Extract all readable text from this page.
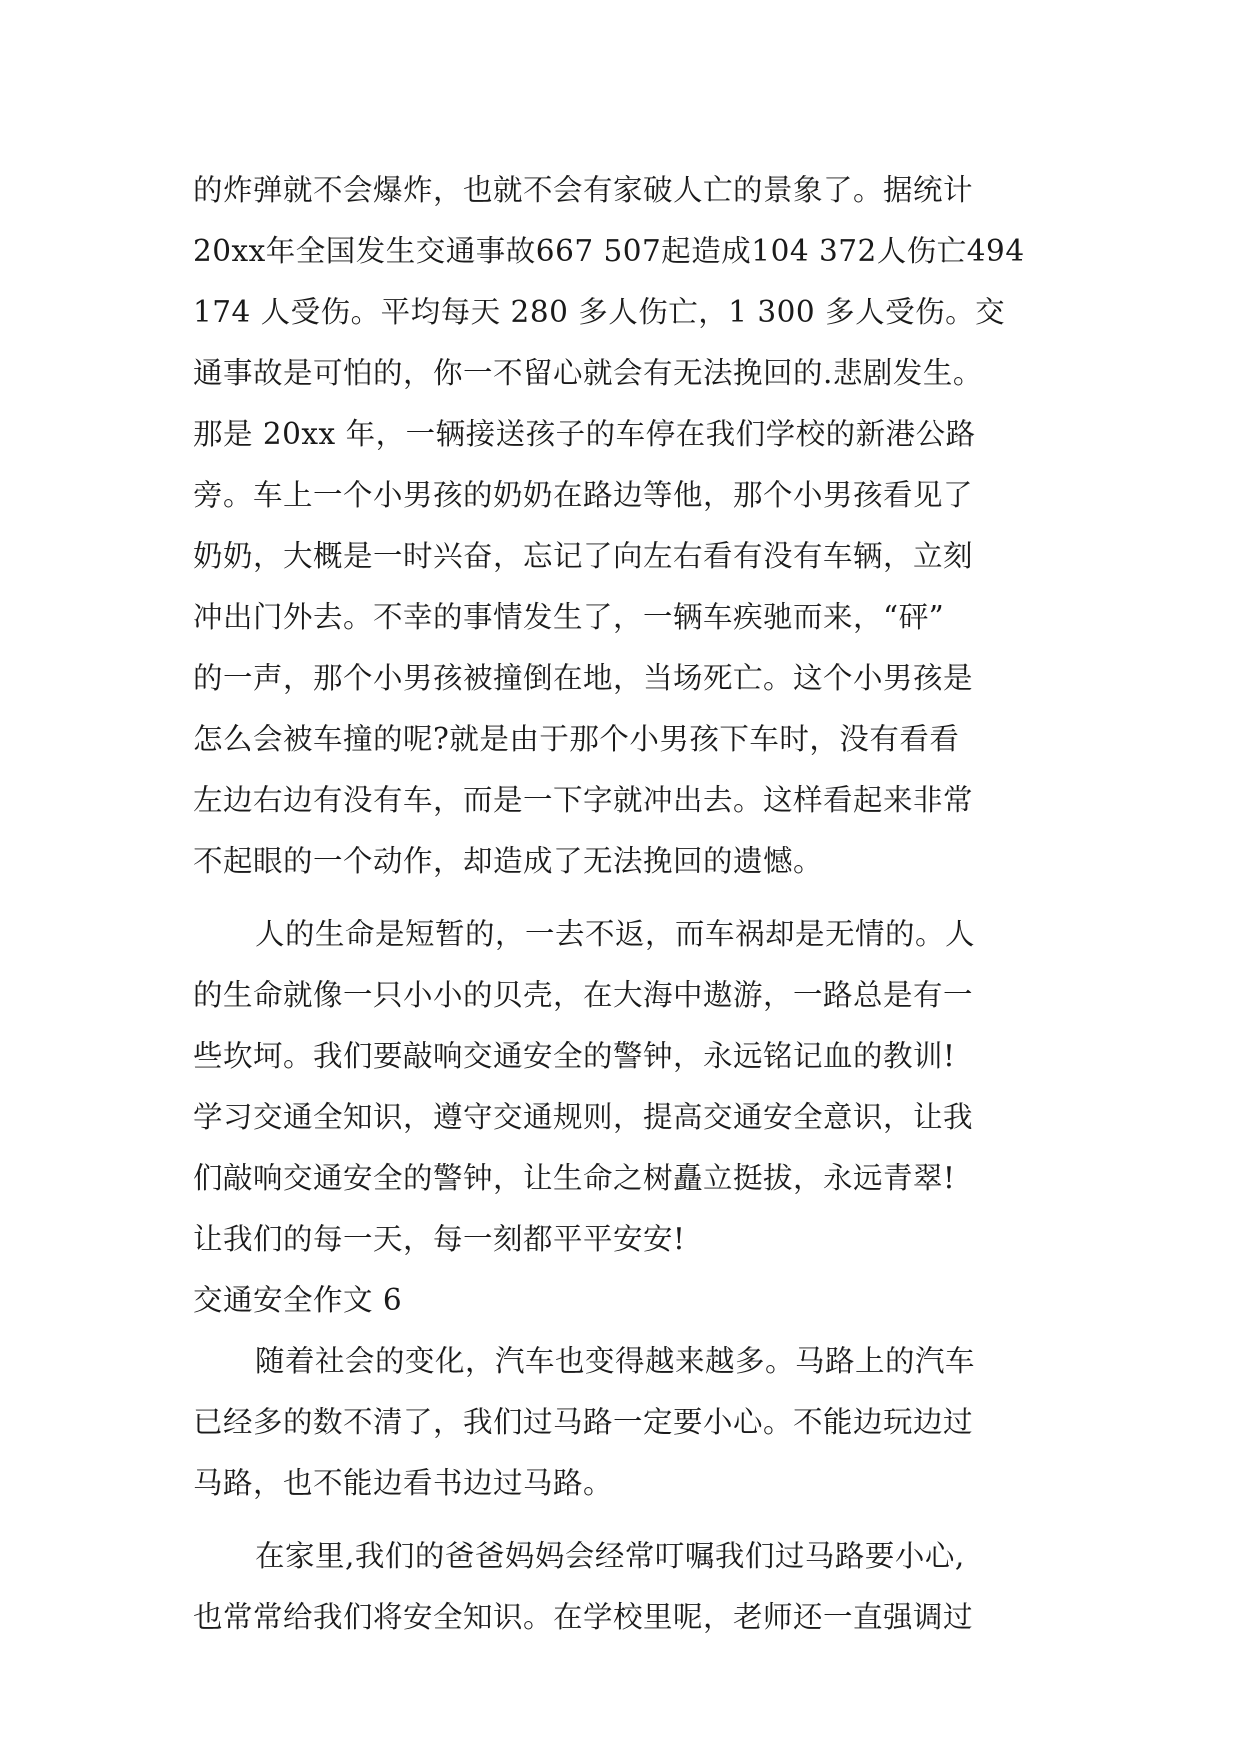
的炸弹就不会爆炸，也就不会有家破人亡的景象了。据统计
20xx年全国发生交通事故667 507起造成104 372人伤亡494
174 人受伤。平均每天 280 多人伤亡，1 300 多人受伤。交
通事故是可怕的，你一不留心就会有无法挽回的.悲剧发生。
那是 20xx 年，一辆接送孩子的车停在我们学校的新港公路
旁。车上一个小男孩的奶奶在路边等他，那个小男孩看见了
奶奶，大概是一时兴奋，忘记了向左右看有没有车辆，立刻
冲出门外去。不幸的事情发生了，一辆车疾驰而来，“砰”
的一声，那个小男孩被撞倒在地，当场死亡。这个小男孩是
怎么会被车撞的呢?就是由于那个小男孩下车时，没有看看
左边右边有没有车，而是一下字就冲出去。这样看起来非常
不起眼的一个动作，却造成了无法挽回的遗憾。
人的生命是短暂的，一去不返，而车祸却是无情的。人
的生命就像一只小小的贝壳，在大海中遨游，一路总是有一
些坎坷。我们要敲响交通安全的警钟，永远铭记血的教训!
学习交通全知识，遵守交通规则，提高交通安全意识，让我
们敲响交通安全的警钟，让生命之树矗立挺拔，永远青翠!
让我们的每一天，每一刻都平平安安!
交通安全作文 6
随着社会的变化，汽车也变得越来越多。马路上的汽车
已经多的数不清了，我们过马路一定要小心。不能边玩边过
马路，也不能边看书边过马路。
在家里,我们的爸爸妈妈会经常叮嘱我们过马路要小心,
也常常给我们将安全知识。在学校里呢，老师还一直强调过
